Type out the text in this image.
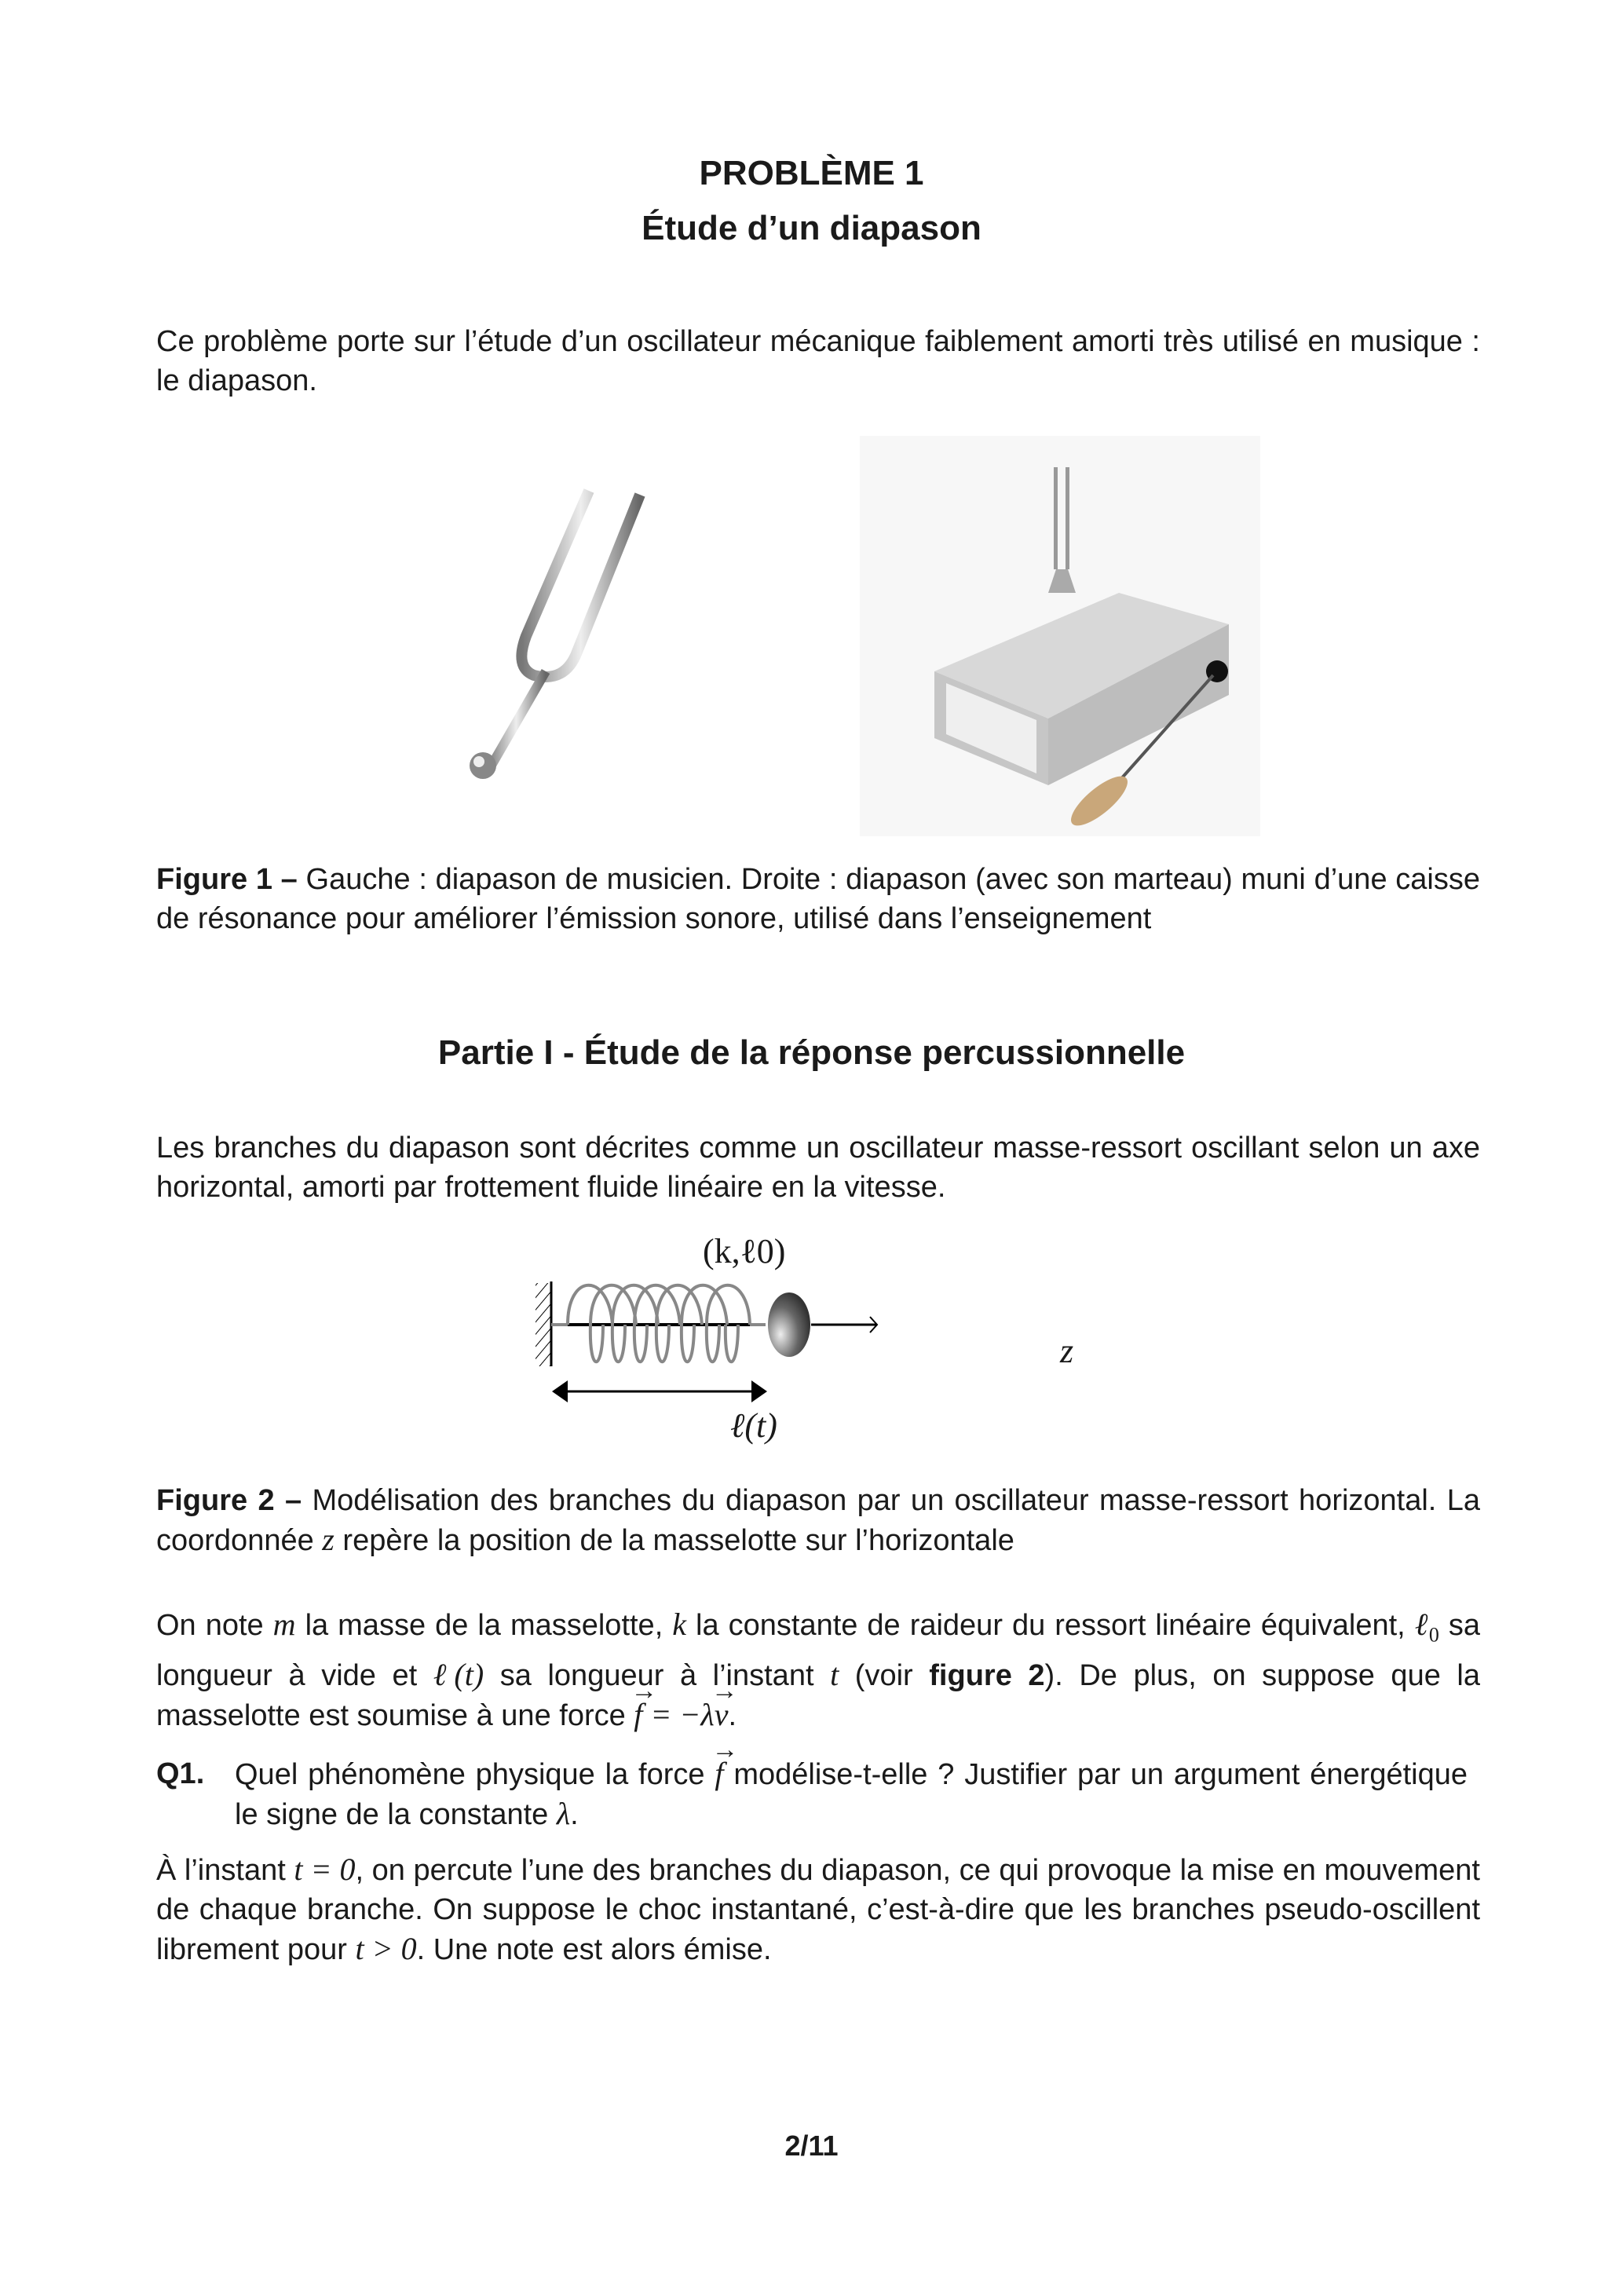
PROBLÈME 1
Étude d’un diapason
Ce problème porte sur l’étude d’un oscillateur mécanique faiblement amorti très utilisé en musique : le diapason.
Figure 1 – Gauche : diapason de musicien. Droite : diapason (avec son marteau) muni d’une caisse de résonance pour améliorer l’émission sonore, utilisé dans l’enseignement
Partie I - Étude de la réponse percussionnelle
Les branches du diapason sont décrites comme un oscillateur masse-ressort oscillant selon un axe horizontal, amorti par frottement fluide linéaire en la vitesse.
(k,ℓ0)
z
ℓ(t)
Figure 2 – Modélisation des branches du diapason par un oscillateur masse-ressort horizontal. La coordonnée z repère la position de la masselotte sur l’horizontale
On note m la masse de la masselotte, k la constante de raideur du ressort linéaire équivalent, ℓ$_0$ sa longueur à vide et ℓ(t) sa longueur à l’instant t (voir figure 2). De plus, on suppose que la masselotte est soumise à une force → f = −λ→ v.
Q1. Quel phénomène physique la force → f modélise-t-elle ? Justifier par un argument énergétique le signe de la constante λ.
À l’instant t = 0, on percute l’une des branches du diapason, ce qui provoque la mise en mouvement de chaque branche. On suppose le choc instantané, c’est-à-dire que les branches pseudo-oscillent librement pour t > 0. Une note est alors émise.
2/11
